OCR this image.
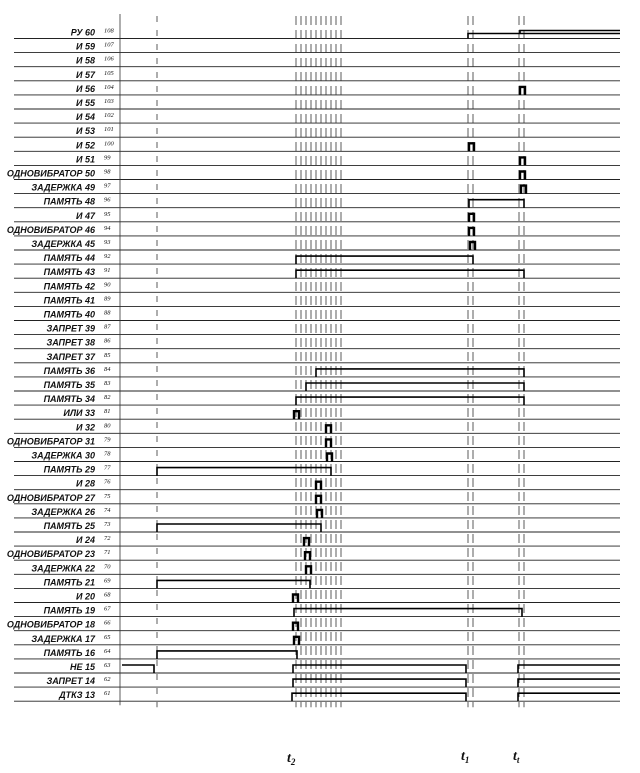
РУ 60 108
И 59 107
И 58 106
И 57 105
И 56 104
И 55 103
И 54 102
И 53 101
И 52 100
И 51 99
ОДНОВИБРАТОР 50 98
ЗАДЕРЖКА 49 97
ПАМЯТЬ 48 96
И 47 95
ОДНОВИБРАТОР 46 94
ЗАДЕРЖКА 45 93
ПАМЯТЬ 44 92
ПАМЯТЬ 43 91
ПАМЯТЬ 42 90
ПАМЯТЬ 41 89
ПАМЯТЬ 40 88
ЗАПРЕТ 39 87
ЗАПРЕТ 38 86
ЗАПРЕТ 37 85
ПАМЯТЬ 36 84
ПАМЯТЬ 35 83
ПАМЯТЬ 34 82
ИЛИ 33 81
И 32 80
ОДНОВИБРАТОР 31 79
ЗАДЕРЖКА 30 78
ПАМЯТЬ 29 77
И 28 76
ОДНОВИБРАТОР 27 75
ЗАДЕРЖКА 26 74
ПАМЯТЬ 25 73
И 24 72
ОДНОВИБРАТОР 23 71
ЗАДЕРЖКА 22 70
ПАМЯТЬ 21 69
И 20 68
ПАМЯТЬ 19 67
ОДНОВИБРАТОР 18 66
ЗАДЕРЖКА 17 65
ПАМЯТЬ 16 64
НЕ 15 63
ЗАПРЕТ 14 62
ДТКЗ 13 61
$t_2$	$t_1$	$t_t$
